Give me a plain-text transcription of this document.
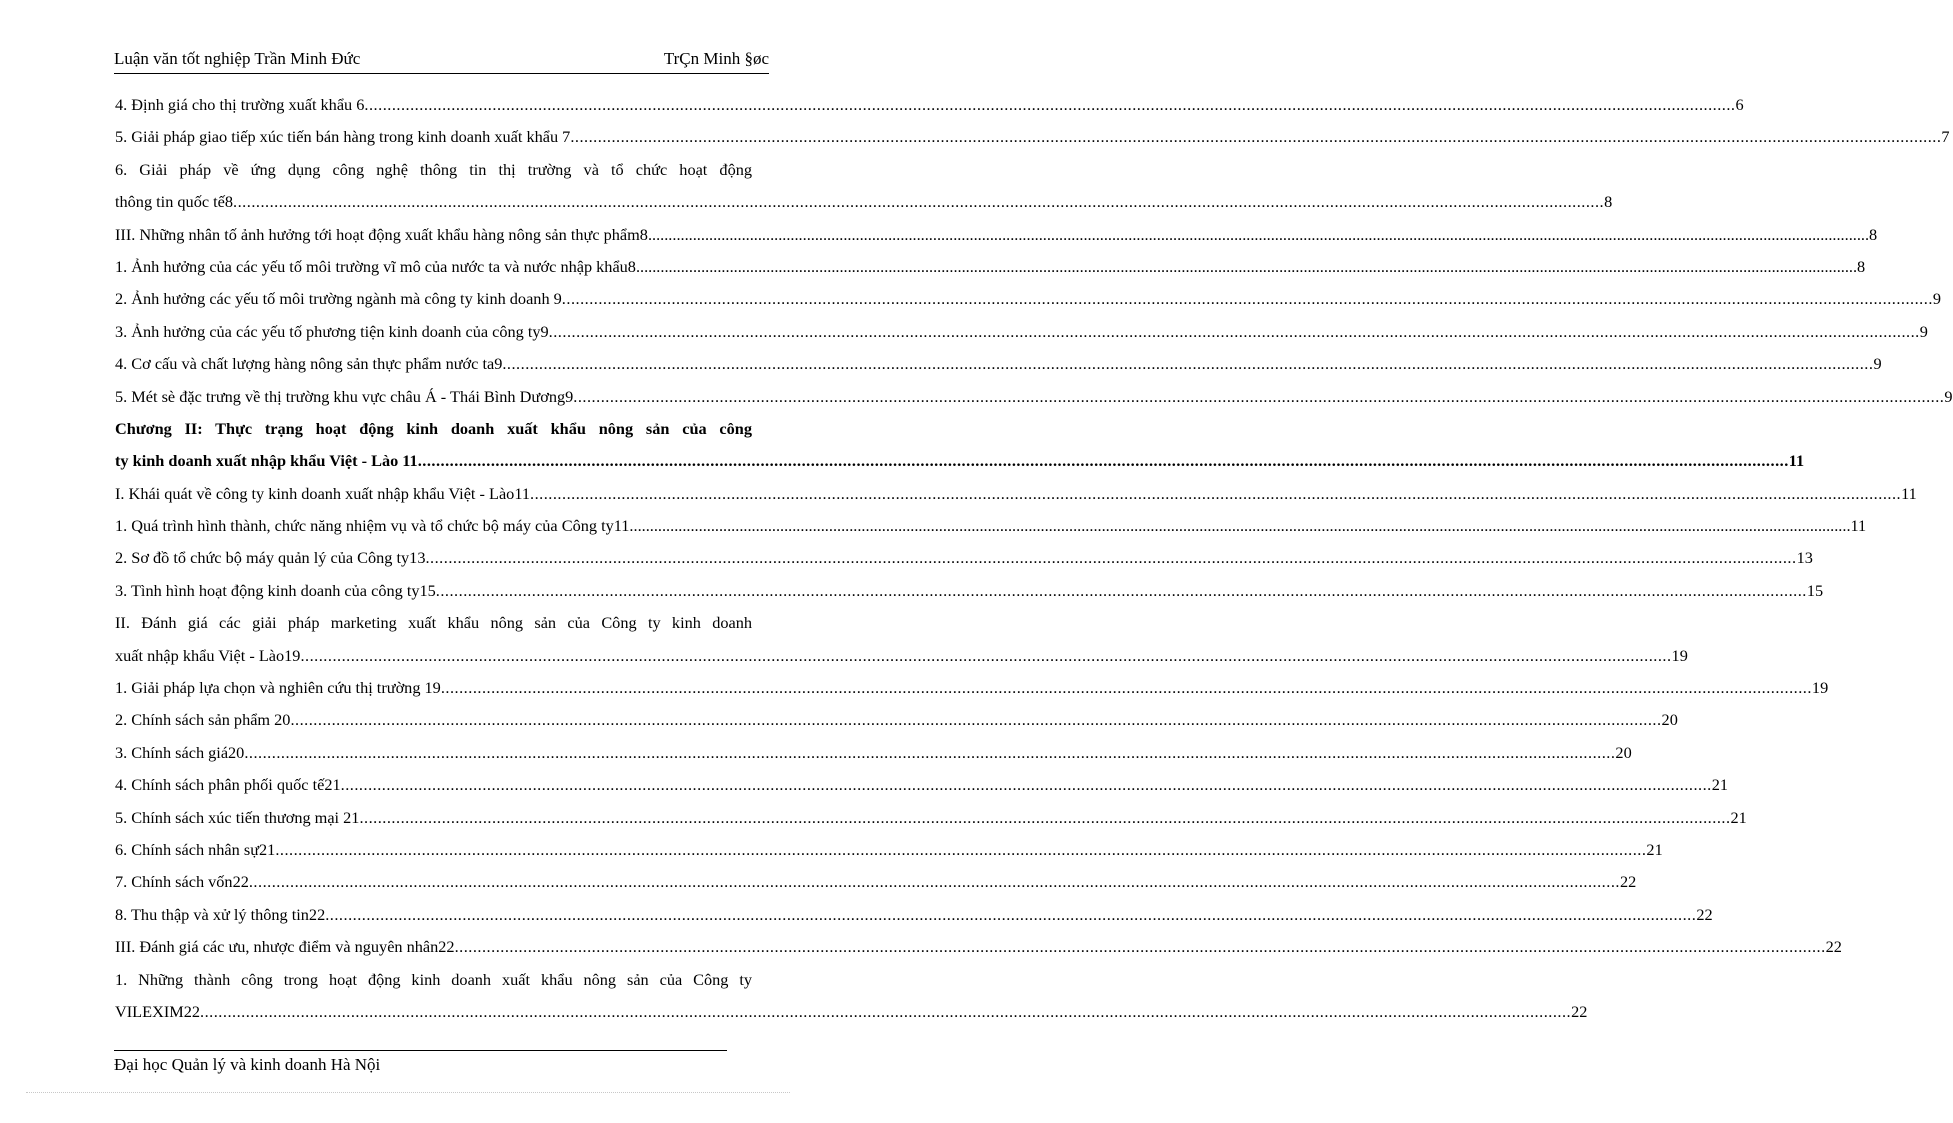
Luận văn tốt nghiệp Trần Minh Đức	TrÇn Minh §øc
4. Định giá cho thị trường xuất khẩu 6 ............................................................................................................................................................................................................................................................................................................ 6
5. Giải pháp giao tiếp xúc tiến bán hàng trong kinh doanh xuất khẩu 7 ............................................................................................................................................................................................................................................................................................................ 7
6. Giải pháp về ứng dụng công nghệ thông tin thị trường và tổ chức hoạt động
thông tin quốc tế8 ............................................................................................................................................................................................................................................................................................................ 8
III. Những nhân tố ảnh hưởng tới hoạt động xuất khẩu hàng nông sản thực phẩm8 ............................................................................................................................................................................................................................................................................................................ 8
1. Ảnh hưởng của các yếu tố môi trường vĩ mô của nước ta và nước nhập khẩu8 ............................................................................................................................................................................................................................................................................................................ 8
2. Ảnh hưởng các yếu tố môi trường ngành mà công ty kinh doanh 9 ............................................................................................................................................................................................................................................................................................................ 9
3. Ảnh hưởng của các yếu tố phương tiện kinh doanh của công ty9 ............................................................................................................................................................................................................................................................................................................ 9
4. Cơ cấu và chất lượng hàng nông sản thực phẩm nước ta9 ............................................................................................................................................................................................................................................................................................................ 9
5. Mét sè đặc trưng về thị trường khu vực châu Á - Thái Bình Dương9 ............................................................................................................................................................................................................................................................................................................ 9
Chương II: Thực trạng hoạt động kinh doanh xuất khẩu nông sản của công
ty kinh doanh xuất nhập khẩu Việt - Lào 11 ............................................................................................................................................................................................................................................................................................................ 11
I. Khái quát về công ty kinh doanh xuất nhập khẩu Việt - Lào11 ............................................................................................................................................................................................................................................................................................................ 11
1. Quá trình hình thành, chức năng nhiệm vụ và tổ chức bộ máy của Công ty11 ............................................................................................................................................................................................................................................................................................................ 11
2. Sơ đồ tổ chức bộ máy quản lý của Công ty13 ............................................................................................................................................................................................................................................................................................................ 13
3. Tình hình hoạt động kinh doanh của công ty15 ............................................................................................................................................................................................................................................................................................................ 15
II. Đánh giá các giải pháp marketing xuất khẩu nông sản của Công ty kinh doanh
xuất nhập khẩu Việt - Lào19 ............................................................................................................................................................................................................................................................................................................ 19
1. Giải pháp lựa chọn và nghiên cứu thị trường 19 ............................................................................................................................................................................................................................................................................................................ 19
2. Chính sách sản phẩm 20 ............................................................................................................................................................................................................................................................................................................ 20
3. Chính sách giá20 ............................................................................................................................................................................................................................................................................................................ 20
4. Chính sách phân phối quốc tế21 ............................................................................................................................................................................................................................................................................................................ 21
5. Chính sách xúc tiến thương mại 21 ............................................................................................................................................................................................................................................................................................................ 21
6. Chính sách nhân sự21 ............................................................................................................................................................................................................................................................................................................ 21
7. Chính sách vốn22 ............................................................................................................................................................................................................................................................................................................ 22
8. Thu thập và xử lý thông tin22 ............................................................................................................................................................................................................................................................................................................ 22
III. Đánh giá các ưu, nhược điểm và nguyên nhân22 ............................................................................................................................................................................................................................................................................................................ 22
1. Những thành công trong hoạt động kinh doanh xuất khẩu nông sản của Công ty
VILEXIM22 ............................................................................................................................................................................................................................................................................................................ 22
Đại học Quản lý và kinh doanh Hà Nội
